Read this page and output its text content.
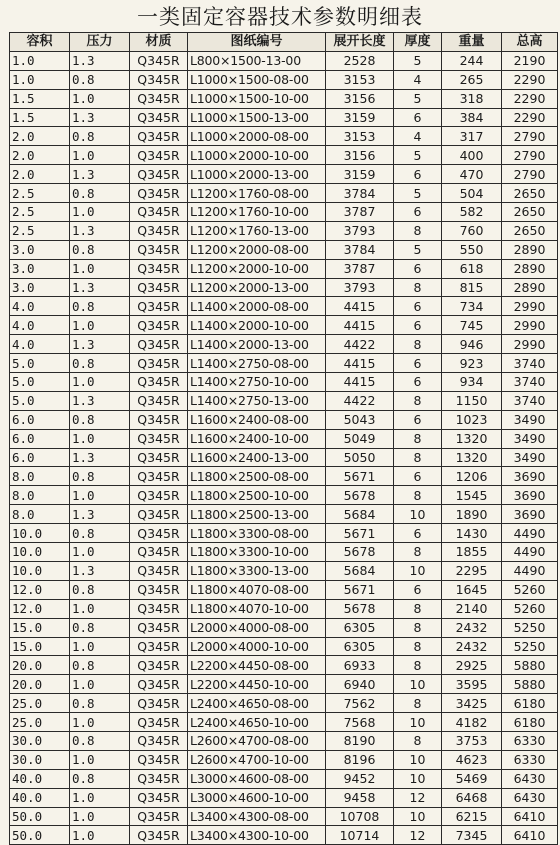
一类固定容器技术参数明细表
容积	压力	材质	图纸编号	展开长度	厚度	重量	总高
1.0	1.3	Q345R	L800×1500-13-00	2528	5	244	2190
1.0	0.8	Q345R	L1000×1500-08-00	3153	4	265	2290
1.5	1.0	Q345R	L1000×1500-10-00	3156	5	318	2290
1.5	1.3	Q345R	L1000×1500-13-00	3159	6	384	2290
2.0	0.8	Q345R	L1000×2000-08-00	3153	4	317	2790
2.0	1.0	Q345R	L1000×2000-10-00	3156	5	400	2790
2.0	1.3	Q345R	L1000×2000-13-00	3159	6	470	2790
2.5	0.8	Q345R	L1200×1760-08-00	3784	5	504	2650
2.5	1.0	Q345R	L1200×1760-10-00	3787	6	582	2650
2.5	1.3	Q345R	L1200×1760-13-00	3793	8	760	2650
3.0	0.8	Q345R	L1200×2000-08-00	3784	5	550	2890
3.0	1.0	Q345R	L1200×2000-10-00	3787	6	618	2890
3.0	1.3	Q345R	L1200×2000-13-00	3793	8	815	2890
4.0	0.8	Q345R	L1400×2000-08-00	4415	6	734	2990
4.0	1.0	Q345R	L1400×2000-10-00	4415	6	745	2990
4.0	1.3	Q345R	L1400×2000-13-00	4422	8	946	2990
5.0	0.8	Q345R	L1400×2750-08-00	4415	6	923	3740
5.0	1.0	Q345R	L1400×2750-10-00	4415	6	934	3740
5.0	1.3	Q345R	L1400×2750-13-00	4422	8	1150	3740
6.0	0.8	Q345R	L1600×2400-08-00	5043	6	1023	3490
6.0	1.0	Q345R	L1600×2400-10-00	5049	8	1320	3490
6.0	1.3	Q345R	L1600×2400-13-00	5050	8	1320	3490
8.0	0.8	Q345R	L1800×2500-08-00	5671	6	1206	3690
8.0	1.0	Q345R	L1800×2500-10-00	5678	8	1545	3690
8.0	1.3	Q345R	L1800×2500-13-00	5684	10	1890	3690
10.0	0.8	Q345R	L1800×3300-08-00	5671	6	1430	4490
10.0	1.0	Q345R	L1800×3300-10-00	5678	8	1855	4490
10.0	1.3	Q345R	L1800×3300-13-00	5684	10	2295	4490
12.0	0.8	Q345R	L1800×4070-08-00	5671	6	1645	5260
12.0	1.0	Q345R	L1800×4070-10-00	5678	8	2140	5260
15.0	0.8	Q345R	L2000×4000-08-00	6305	8	2432	5250
15.0	1.0	Q345R	L2000×4000-10-00	6305	8	2432	5250
20.0	0.8	Q345R	L2200×4450-08-00	6933	8	2925	5880
20.0	1.0	Q345R	L2200×4450-10-00	6940	10	3595	5880
25.0	0.8	Q345R	L2400×4650-08-00	7562	8	3425	6180
25.0	1.0	Q345R	L2400×4650-10-00	7568	10	4182	6180
30.0	0.8	Q345R	L2600×4700-08-00	8190	8	3753	6330
30.0	1.0	Q345R	L2600×4700-10-00	8196	10	4623	6330
40.0	0.8	Q345R	L3000×4600-08-00	9452	10	5469	6430
40.0	1.0	Q345R	L3000×4600-10-00	9458	12	6468	6430
50.0	1.0	Q345R	L3400×4300-08-00	10708	10	6215	6410
50.0	1.0	Q345R	L3400×4300-10-00	10714	12	7345	6410
